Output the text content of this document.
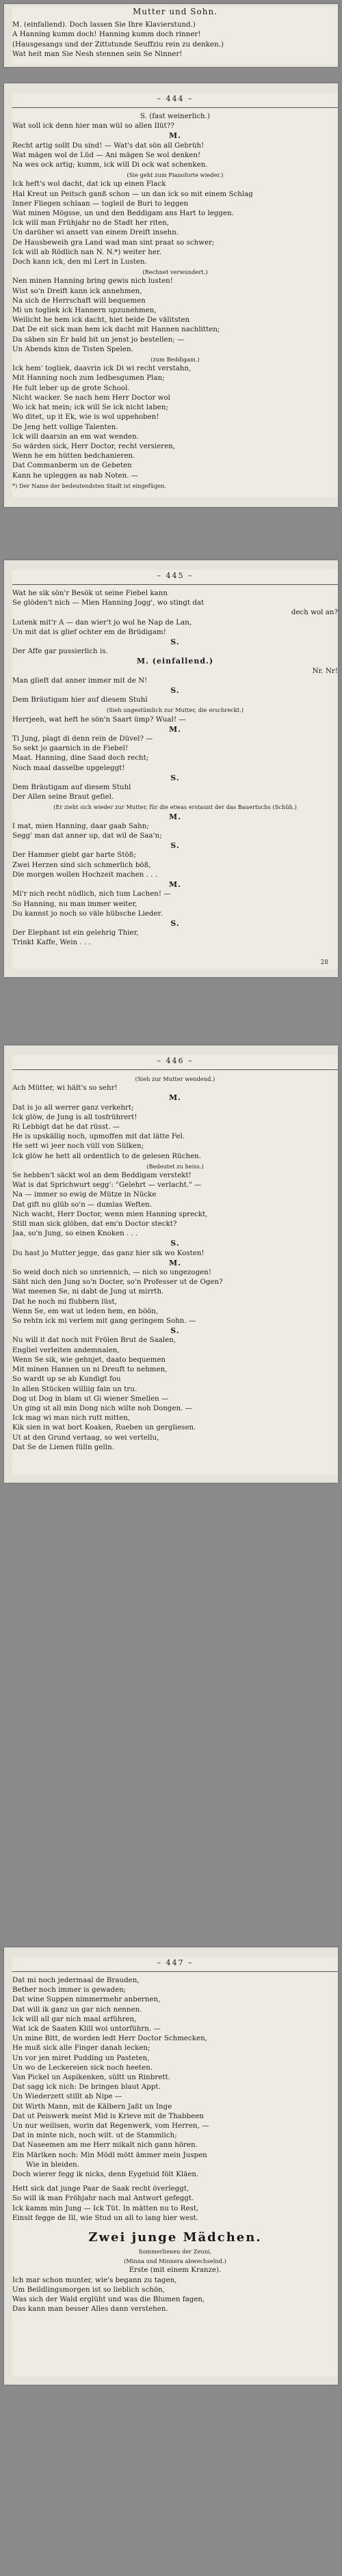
Mutter und Sohn.
M. (einfallend). Doch lassen Sie Ihre Klavierstund.)
A Hanning kumm doch! Hanning kumm doch rinner!
(Hausgesangs und der Zittstunde Seuffziu rein zu denken.)
Wat heit man Sie Nesh stennen sein Se Ninner!
– 444 –
S. (fast weinerlich.)
Wat soll ick denn hier man wül so allen Ilüt??
M.
Recht artig sollt Du sind! — Wat's dat sön all Gebrüh!
Wat mägen wol de Lüd — Ani mägen Se wol denken!
Na wes ock artig; kumm, ick will Di ock wat schenken.
(Sie geht zum Pianoforte wieder.)
Ick heft's wol dacht, dat ick up einen Flack
Hal Kreut un Peitsch ganß schon — un dan ick so mit einem Schlag
Inner Fliegen schlaan — togleil de Buri to leggen
Wat minen Mögsse, un und den Beddigam ans Hart to leggen.
Ick will man Frühjahr no de Stadt her riten,
Un darüher wi ansett van einem Dreift insehn.
De Hausbeweih gra Land wad man sint praat so schwer;
Ick will ab Rödlich nan N. N.*) weiter her.
Doch kann ick, den mi Lert in Lusten.
(Rechnet verwundert.)
Nen minen Hanning bring gewis nich lusten!
Wist so'n Dreift kann ick annehmen,
Na sich de Herrschaft will bequemen
Mi un togliek ick Hannern upzunehmen,
Weilicht he hem ick dacht, hiet beide De välitsten
Dat De eit sick man hem ick dacht mit Hannen nachlitten;
Da säben sin Er bald bit un jenst jo bestellen; —
Un Abends kinn de Tisten Spelen.
(zum Beddigam.)
Ick hem' togliek, daavrin ick Di wi recht verstahn,
Mit Hanning noch zum Iedbesgumen Plan;
He fult leber up de grote School.
Nicht wacker. Se nach hem Herr Doctor wol
Wo ick hat mein; ick will Se ick nicht laben;
Wo ditet, up it Ek, wie is wol uppehoben!
De Jeng hett vollige Talenten.
Ick will daarsin an em wat wenden.
So wärden sick, Herr Doctor, recht versieren,
Wenn he em hütten bedchanieren.
Dat Commanberm un de Gebeten
Kann he upleggen as nab Noten. —
*) Der Name der bedeutendsten Stadt ist eingefügen.
– 445 –
Wat he sik sön'r Besök ut seine Fiebel kann
Se glöden't nich — Mien Hanning Jogg', wo stingt dat
dech wol an?
Lutenk mit'r A — dan wier't jo wol he Nap de Lan,
Un mit dat is glief ochter em de Brüdigam!
S.
Der Affe gar pussierlich is.
M. (einfallend.)
Nr. Nr!
Man glieft dat anner immer mit de N!
S.
Dem Bräutigam hier auf diesem Stuhl
(Sieh ungestümlich zur Mutter, die erschreckt.)
Herrjeeh, wat heft he sön'n Saart ümp? Wual! —
M.
Ti Jung, plagt di denn rein de Düvel? —
So sekt jo gaarnich in de Fiebel!
Maat. Hanning, dine Saad doch recht;
Noch maal dasselbe upgeleggt!
S.
Dem Bräutigam auf diesem Stuhl
Der Allen seine Braut gefiel.
(Er zieht sich wieder zur Mutter, für die etwas erstaunt der das Bauertuchs (Schüh.)
M.
I mat, mien Hanning, daar gaab Sahn;
Segg' man dat anner up, dat wil de Saa'n;
S.
Der Hammer giebt gar harte Stöß;
Zwei Herzen sind sich schmerlich böß,
Die morgen wollen Hochzeit machen . . .
M.
Mi'r nich recht nüdlich, nich tum Lachen! —
So Hanning, nu man immer weiter,
Du kannst jo noch so väle hübsche Lieder.
S.
Der Elephant ist ein gelehrig Thier,
Trinkt Kaffe, Wein . . .
28
– 446 –
(Sieh zur Mutter wendend.)
Ach Mütter, wi hält's so sehr!
M.
Dat is jo all werrer ganz verkehrt;
Ick glöw, de Jung is all tosfrührert!
Ri Lebbigt dat he dat rüsst. —
He is upskällig noch, upmoffen mit dat lätte Fel.
He sett wi jeer noch vüll von Sülken;
Ick glöw he hett all ordentlich to de gelesen Rüchen.
(Bedeutet zu heiss.)
Se hebben't säckt wol an dem Beddigam verstekt!
Wat is dat Sprichwurt segg': "Gelehrt — verlacht." —
Na — immer so ewig de Mütze in Nücke
Dat gift nu glüb so'n — dumlas Weften.
Nich wacht, Herr Doctor, wenn mien Hanning spreckt,
Still man sick glöben, dat em'n Doctor steckt?
Jaa, so'n Jung, so einen Knoken . . .
S.
Du hast jo Mutter jegge, das ganz hier sik wo Kosten!
M.
So weid doch nich so unriennich, — nich so ungezogen!
Säht nich den Jung so'n Docter, so'n Professer ut de Ogen?
Wat meenen Se, ni dabt de Jung ut mirrth.
Dat he noch mi flubbern lüst,
Wenn Se, em wat ut leden hem, en böön,
So rehtn ick mi verlem mit gang geringem Sohn. —
S.
Nu will it dat noch mit Frölen Brut de Saalen,
Engliel verleiten andemnalen,
Wenn Se sik, wie gehnjet, daato bequemen
Mit minen Hannen un ni Dreuft to nehmen,
So wardt up se ab Kundigt fou
In allen Stücken williig fain un tru.
Dog ut Dog in blam ut Gi wiener Smellen —
Un ging ut all min Dong nich wilte noh Dongen. —
Ick mag wi man nich rutt mitten,
Kik sien in wat bort Koaken, Rueben un gergliesen.
Ut at den Grund vertaag, so wei vertellu,
Dat Se de Lienen fülln gelln.
– 447 –
Dat mi noch jedermaal de Brauden,
Bether noch immer is gewaden;
Dat wine Suppen nimmermehr anbernen,
Dat will ik ganz un gar nich nennen.
Ick will all gar nich maal arführen,
Wat ick de Saaten Klill woi untorführn. —
Un mine Bitt, de worden ledt Herr Doctor Schmecken,
He muß sick alle Finger danah lecken;
Un vor jen miret Pudding un Pasteten,
Un wo de Leckereien sick noch heeten.
Van Pickel un Aspikenken, sültt un Rinbrett.
Dat sagg ick nich: De bringen blaut Appt.
Un Wiederzett stillt ab Nipe —
Dit Wirth Mann, mit de Kälbern Jaßt un Inge
Dat ut Peiswerk meint Mid is Krieve mit de Thabbeen
Un nur weilisen, worin dat Regenwerk, vom Herren, —
Dat in minte nich, noch wilt. ut de Stammlich;
Dat Naseemen am me Herr mikalt nich gann hören.
Ein Märlken noch: Min Mödl mött ämmer mein Juspen
Wie in bleiden.
Doch wierer fegg ik nicks, denn Eygeluid fölt Kläen.
Hett sick dat junge Paar de Saak recht överleggt,
So will ik man Fröhjahr nach mal Antwort gefeggt.
Ick kamm min Jung — Ick Tüt. In mätten nu to Rest,
Einsit fegge de Ill, wie Stud un all to lang hier west.
Zwei junge Mädchen.
Sommerlieneu der Zeuni,
(Minna und Minnera abwechselnd.)
Erste (mit einem Kranze).
Ich mar schon munter, wie's begann zu tagen,
Um Beildlingsmorgen ist so lieblich schön,
Was sich der Wald erglüht und was die Blumen fagen,
Das kann man besser Alles dann verstehen.
